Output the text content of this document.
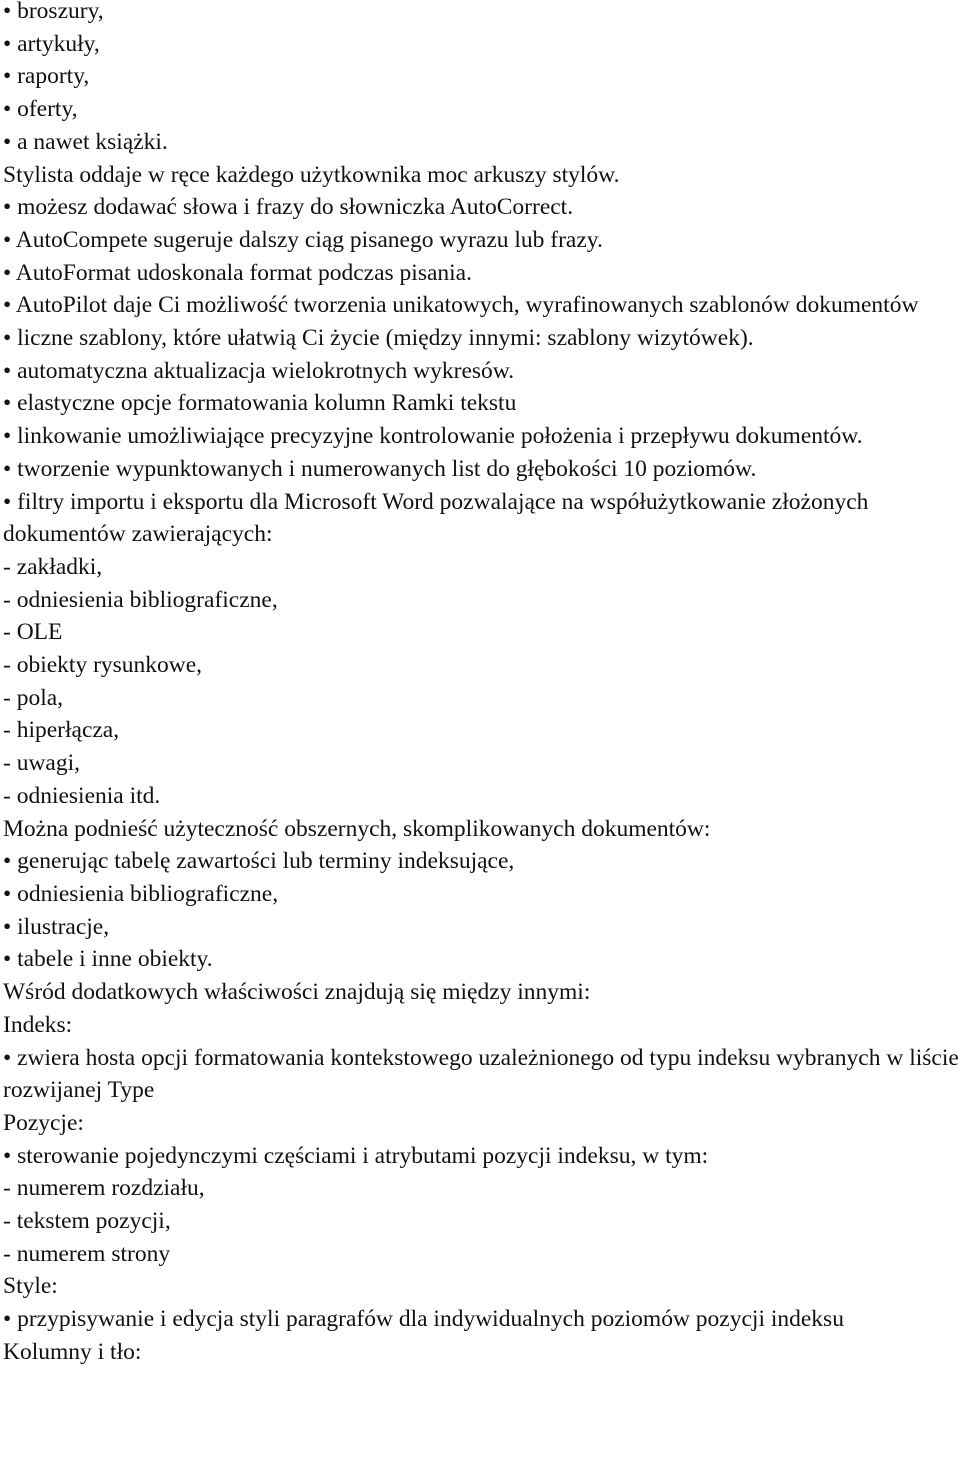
• broszury,
• artykuły,
• raporty,
• oferty,
• a nawet książki.
Stylista oddaje w ręce każdego użytkownika moc arkuszy stylów.
• możesz dodawać słowa i frazy do słowniczka AutoCorrect.
• AutoCompete sugeruje dalszy ciąg pisanego wyrazu lub frazy.
• AutoFormat udoskonala format podczas pisania.
• AutoPilot daje Ci możliwość tworzenia unikatowych, wyrafinowanych szablonów dokumentów
• liczne szablony, które ułatwią Ci życie (między innymi: szablony wizytówek).
• automatyczna aktualizacja wielokrotnych wykresów.
• elastyczne opcje formatowania kolumn Ramki tekstu
• linkowanie umożliwiające precyzyjne kontrolowanie położenia i przepływu dokumentów.
• tworzenie wypunktowanych i numerowanych list do głębokości 10 poziomów.
• filtry importu i eksportu dla Microsoft Word pozwalające na współużytkowanie złożonych dokumentów zawierających:
- zakładki,
- odniesienia bibliograficzne,
- OLE
- obiekty rysunkowe,
- pola,
- hiperłącza,
- uwagi,
- odniesienia itd.
Można podnieść użyteczność obszernych, skomplikowanych dokumentów:
• generując tabelę zawartości lub terminy indeksujące,
• odniesienia bibliograficzne,
• ilustracje,
• tabele i inne obiekty.
Wśród dodatkowych właściwości znajdują się między innymi:
Indeks:
• zwiera hosta opcji formatowania kontekstowego uzależnionego od typu indeksu wybranych w liście rozwijanej Type
Pozycje:
• sterowanie pojedynczymi częściami i atrybutami pozycji indeksu, w tym:
- numerem rozdziału,
- tekstem pozycji,
- numerem strony
Style:
• przypisywanie i edycja styli paragrafów dla indywidualnych poziomów pozycji indeksu
Kolumny i tło:
